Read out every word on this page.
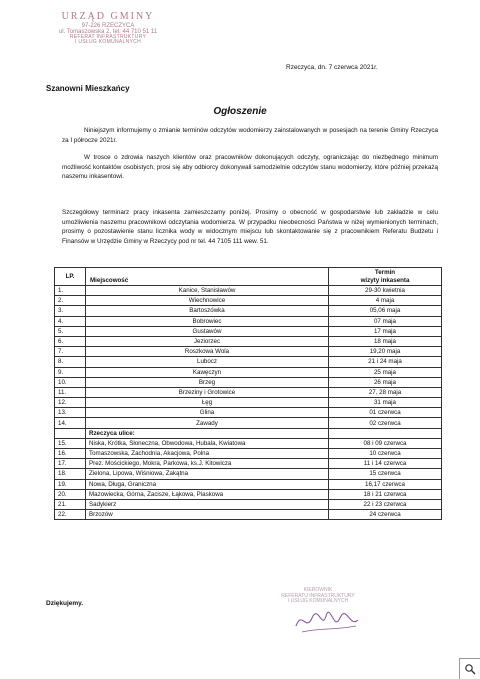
URZĄD GMINY
97-226 RZECZYCA
ul. Tomaszowska 2, tel. 44 710 51 11
REFERAT INFRASTRUKTURY
I USŁUG KOMUNALNYCH
Rzeczyca, dn. 7 czerwca 2021r.
Szanowni Mieszkańcy
Ogłoszenie
Niniejszym informujemy o zmianie terminów odczytów wodomierzy zainstalowanych w posesjach na terenie Gminy Rzeczyca za I półrocze 2021r.
W trosce o zdrowia naszych klientów oraz pracowników dokonujących odczyty, ograniczając do niezbędnego minimum możliwość kontaktów osobistych, prosi się aby odbiorcy dokonywali samodzielnie odczytów stanu wodomierzy, które później przekażą naszemu inkasentowi.
Szczegółowy terminarz pracy inkasenta zamieszczamy poniżej. Prosimy o obecność w gospodarstwie lub zakładzie w celu umożliwienia naszemu pracownikowi odczytania wodomierza. W przypadku nieobecności Państwa w niżej wymienionych terminach, prosimy o pozostawienie stanu licznika wody w widocznym miejscu lub skontaktowanie się z pracownikiem Referatu Budżetu i Finansów w Urzędzie Gminy w Rzeczycy pod nr tel. 44 7105 111 wew. 51.
LP.	Miejscowość	Termin
wizyty inkasenta

1.	Kanice, Stanisławów	29-30 kwietnia
2.	Wiechnowice	4 maja
3.	Bartoszówka	05,06 maja
4.	Bobrowiec	07 maja
5.	Gustawów	17 maja
6.	Jeziorzec	18 maja
7.	Roszkowa Wola	19,20 maja
8.	Lubocz	21 i 24 maja
9.	Kawęczyn	25 maja
10.	Brzeg	26 maja
11.	Brzeziny i Grotowice	27, 28 maja
12.	Łęg	31 maja
13.	Glina	01 czerwca
14.	Zawady	02 czerwca
	Rzeczyca ulice:	
15.	Niska, Krótka, Słoneczna, Obwodowa, Hubala, Kwiatowa	08 i 09 czerwca
16.	Tomaszowska, Zachodnia, Akacjowa, Polna	10 czerwca
17.	Prez. Mościckiego, Mokra, Parkowa, ks.J. Kitowicza	11 i 14 czerwca
18.	Zielona, Lipowa, Wiśniowa, Zakątna	15 czerwca
19.	Nowa, Długa, Graniczna	16,17 czerwca
20.	Mazowiecka, Górna, Zacisze, Łąkowa, Piaskowa	18 i 21 czerwca
21.	Sadykierz	22 i 23 czerwca
22.	Brzozów	24 czerwca
Dziękujemy.
KIEROWNIK
REFERATU INFRASTRUKTURY
I USŁUG KOMUNALNYCH
